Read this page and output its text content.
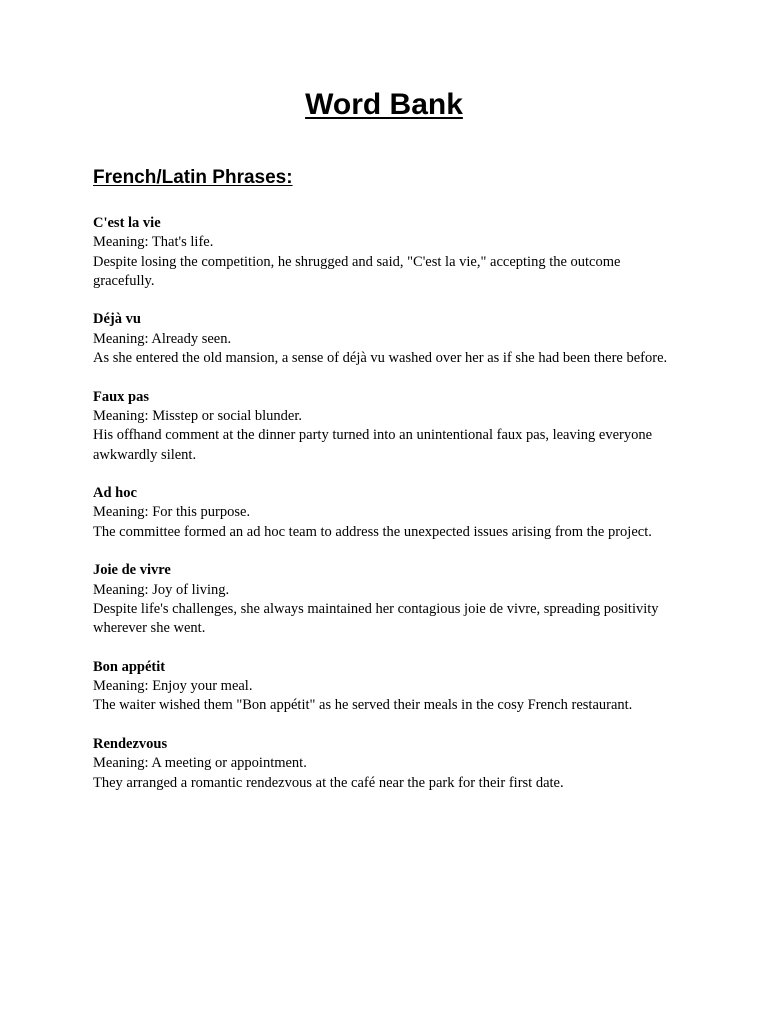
Word Bank
French/Latin Phrases:
C'est la vie
Meaning: That's life.
Despite losing the competition, he shrugged and said, "C'est la vie," accepting the outcome gracefully.
Déjà vu
Meaning: Already seen.
As she entered the old mansion, a sense of déjà vu washed over her as if she had been there before.
Faux pas
Meaning: Misstep or social blunder.
His offhand comment at the dinner party turned into an unintentional faux pas, leaving everyone awkwardly silent.
Ad hoc
Meaning: For this purpose.
The committee formed an ad hoc team to address the unexpected issues arising from the project.
Joie de vivre
Meaning: Joy of living.
Despite life's challenges, she always maintained her contagious joie de vivre, spreading positivity wherever she went.
Bon appétit
Meaning: Enjoy your meal.
The waiter wished them "Bon appétit" as he served their meals in the cosy French restaurant.
Rendezvous
Meaning: A meeting or appointment.
They arranged a romantic rendezvous at the café near the park for their first date.
